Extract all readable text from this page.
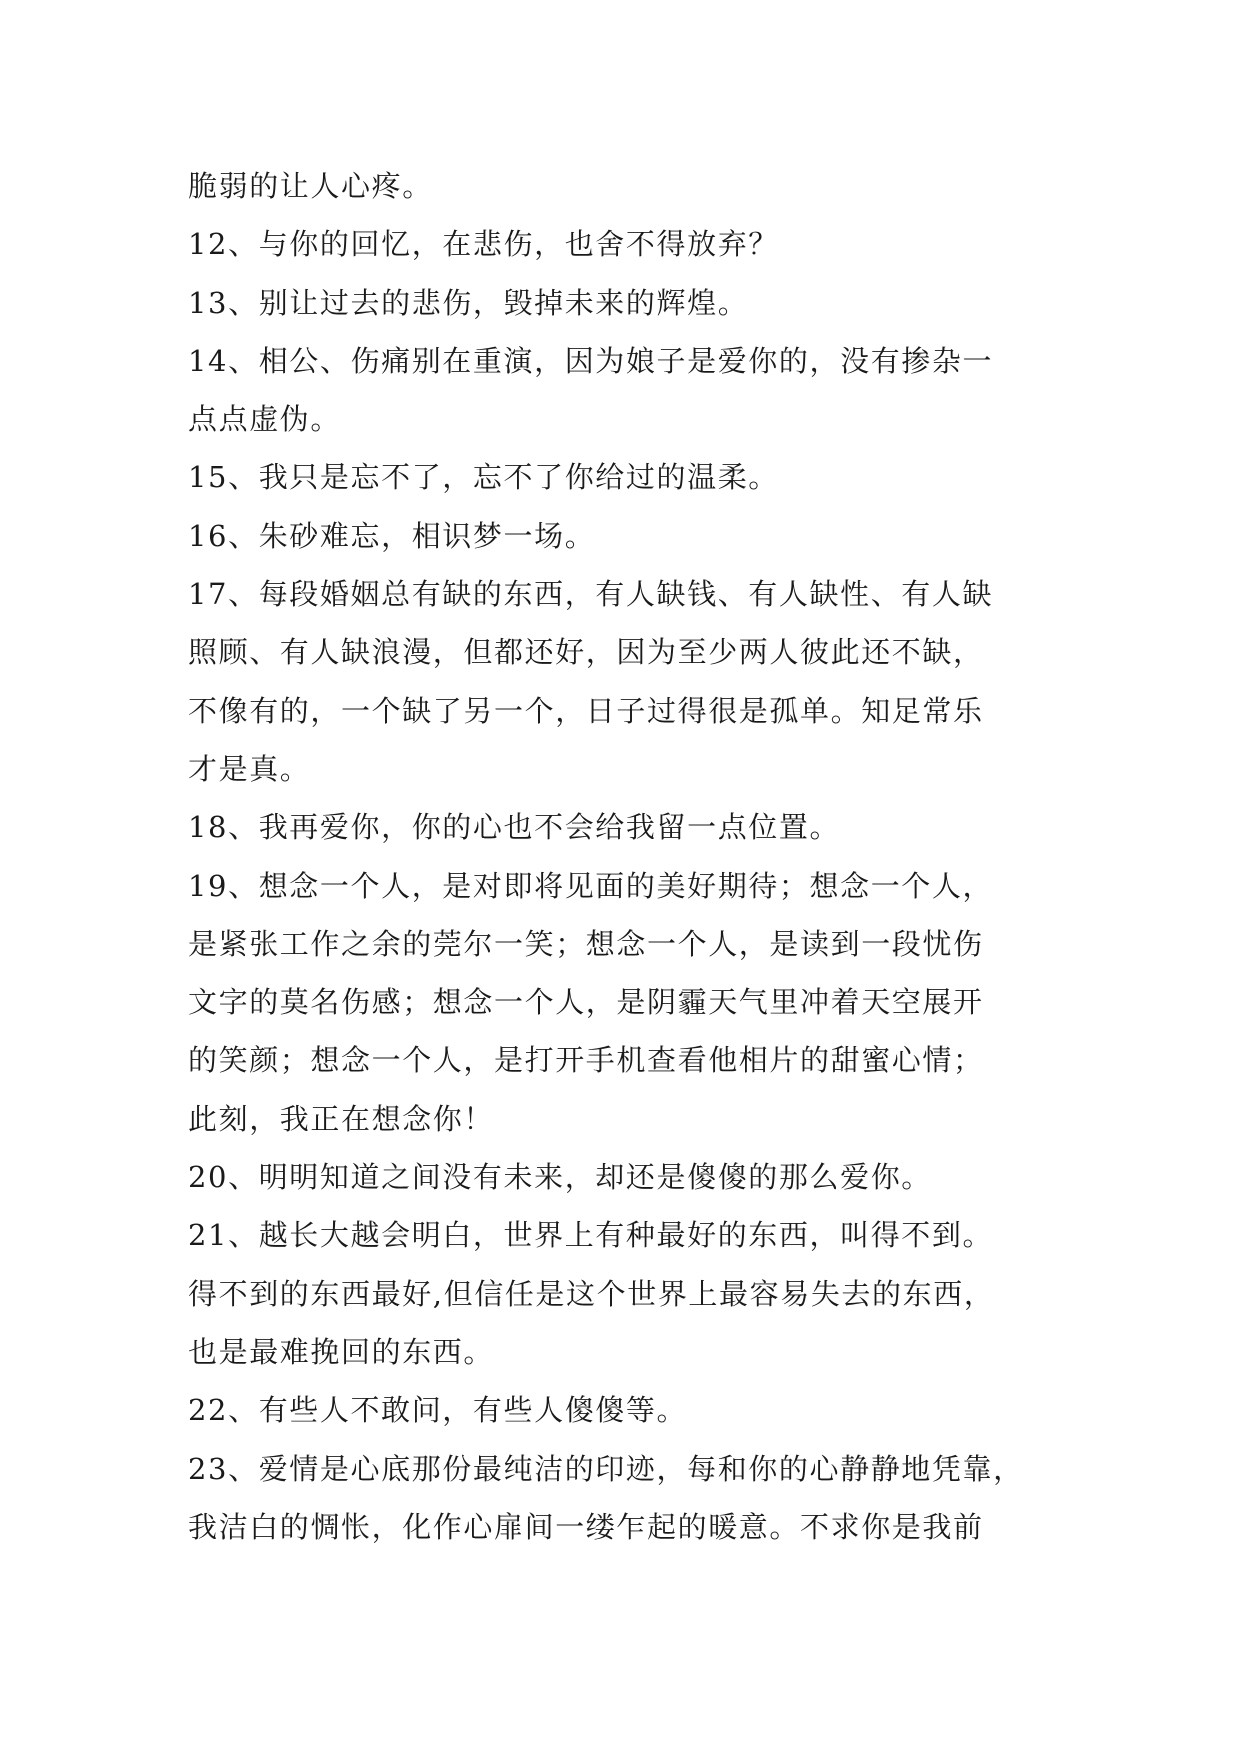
脆弱的让人心疼。
12、与你的回忆，在悲伤，也舍不得放弃？
13、别让过去的悲伤，毁掉未来的辉煌。
14、相公、伤痛别在重演，因为娘子是爱你的，没有掺杂一
点点虚伪。
15、我只是忘不了，忘不了你给过的温柔。
16、朱砂难忘，相识梦一场。
17、每段婚姻总有缺的东西，有人缺钱、有人缺性、有人缺
照顾、有人缺浪漫，但都还好，因为至少两人彼此还不缺，
不像有的，一个缺了另一个，日子过得很是孤单。知足常乐
才是真。
18、我再爱你，你的心也不会给我留一点位置。
19、想念一个人，是对即将见面的美好期待；想念一个人，
是紧张工作之余的莞尔一笑；想念一个人，是读到一段忧伤
文字的莫名伤感；想念一个人，是阴霾天气里冲着天空展开
的笑颜；想念一个人，是打开手机查看他相片的甜蜜心情；
此刻，我正在想念你！
20、明明知道之间没有未来，却还是傻傻的那么爱你。
21、越长大越会明白，世界上有种最好的东西，叫得不到。
得不到的东西最好,但信任是这个世界上最容易失去的东西，
也是最难挽回的东西。
22、有些人不敢问，有些人傻傻等。
23、爱情是心底那份最纯洁的印迹，每和你的心静静地凭靠，
我洁白的惆怅，化作心扉间一缕乍起的暖意。不求你是我前
